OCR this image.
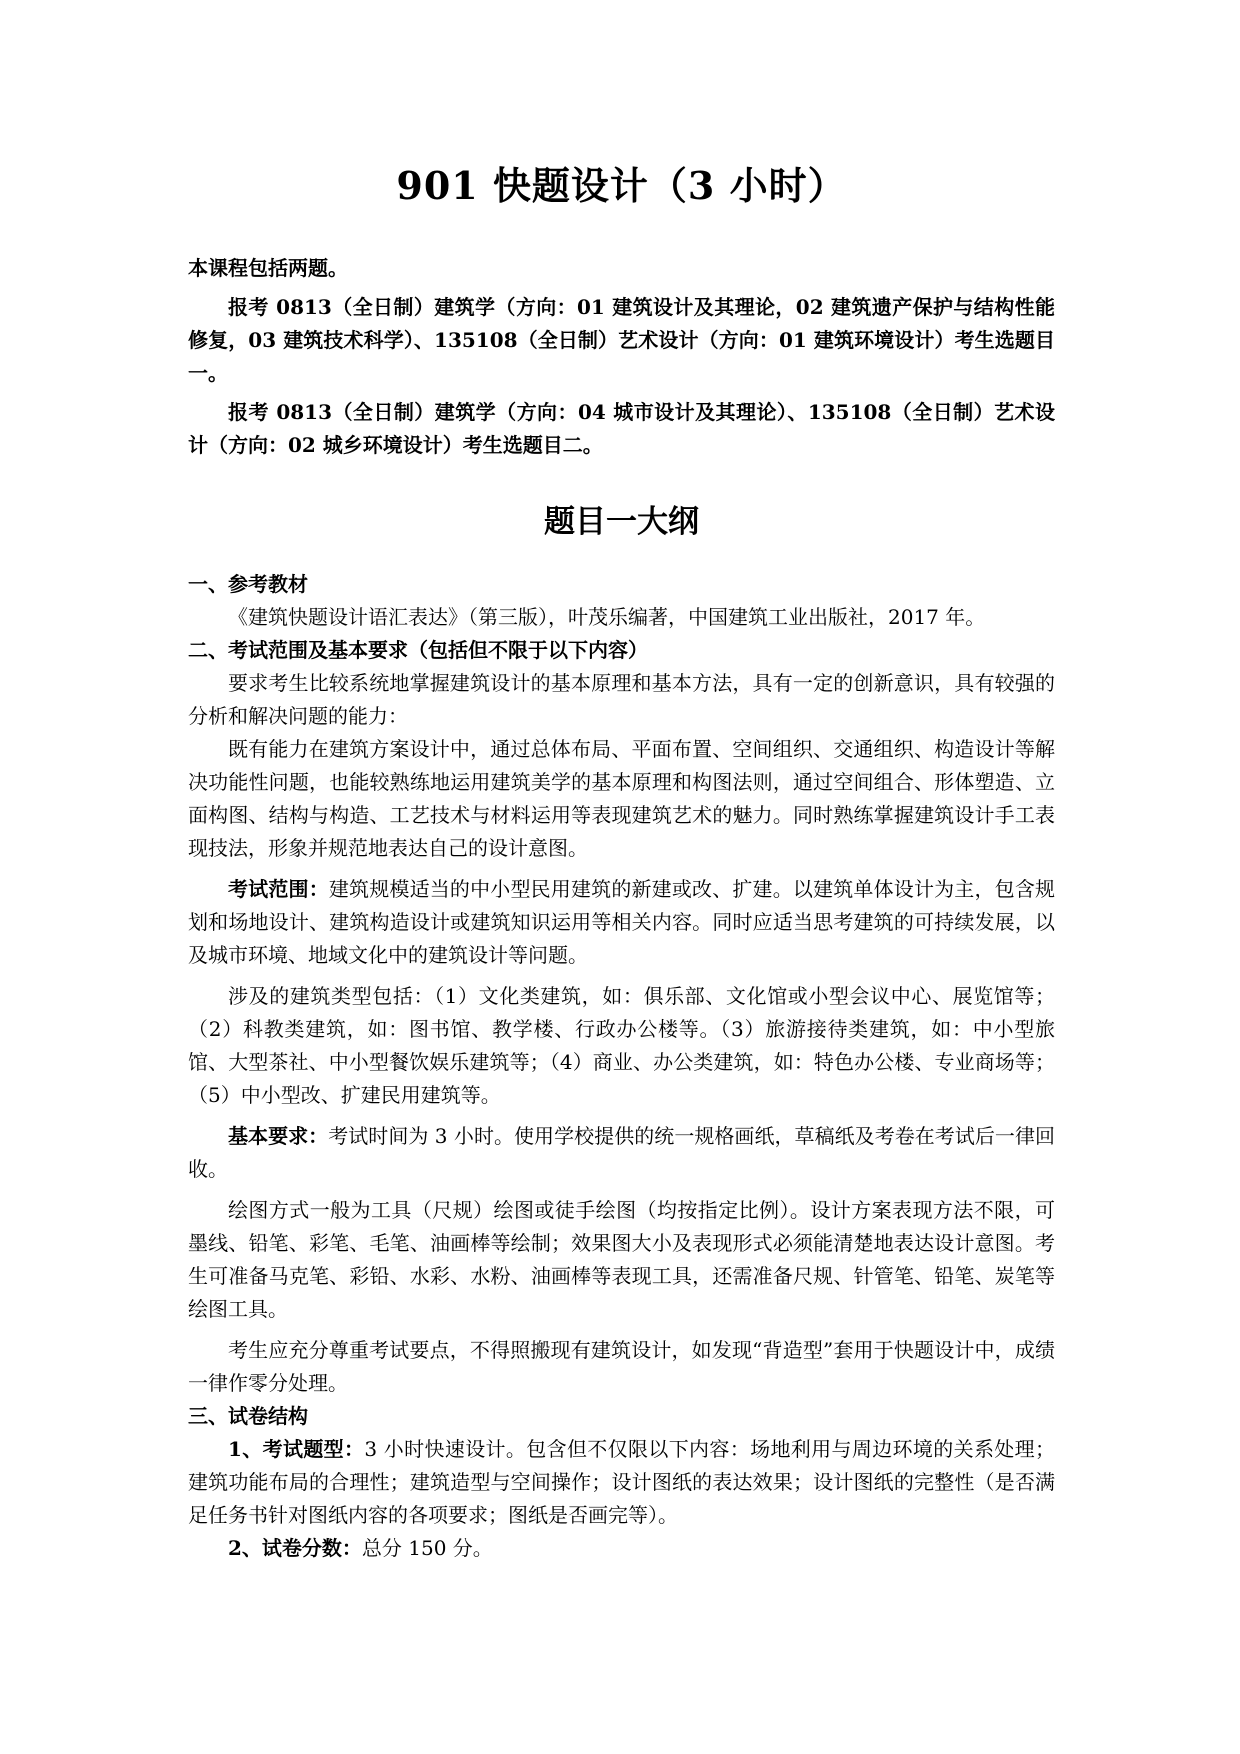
901 快题设计（3 小时）

本课程包括两题。

报考 0813（全日制）建筑学（方向：01 建筑设计及其理论，02 建筑遗产保护与结构性能修复，03 建筑技术科学）、135108（全日制）艺术设计（方向：01 建筑环境设计）考生选题目一。

报考 0813（全日制）建筑学（方向：04 城市设计及其理论）、135108（全日制）艺术设计（方向：02 城乡环境设计）考生选题目二。

题目一大纲

一、参考教材

《建筑快题设计语汇表达》（第三版），叶茂乐编著，中国建筑工业出版社，2017 年。

二、考试范围及基本要求（包括但不限于以下内容）

要求考生比较系统地掌握建筑设计的基本原理和基本方法，具有一定的创新意识，具有较强的分析和解决问题的能力：

既有能力在建筑方案设计中，通过总体布局、平面布置、空间组织、交通组织、构造设计等解决功能性问题，也能较熟练地运用建筑美学的基本原理和构图法则，通过空间组合、形体塑造、立面构图、结构与构造、工艺技术与材料运用等表现建筑艺术的魅力。同时熟练掌握建筑设计手工表现技法，形象并规范地表达自己的设计意图。

考试范围：建筑规模适当的中小型民用建筑的新建或改、扩建。以建筑单体设计为主，包含规划和场地设计、建筑构造设计或建筑知识运用等相关内容。同时应适当思考建筑的可持续发展，以及城市环境、地域文化中的建筑设计等问题。

涉及的建筑类型包括：（1）文化类建筑，如：俱乐部、文化馆或小型会议中心、展览馆等；（2）科教类建筑，如：图书馆、教学楼、行政办公楼等。（3）旅游接待类建筑，如：中小型旅馆、大型茶社、中小型餐饮娱乐建筑等；（4）商业、办公类建筑，如：特色办公楼、专业商场等；（5）中小型改、扩建民用建筑等。

基本要求：考试时间为 3 小时。使用学校提供的统一规格画纸，草稿纸及考卷在考试后一律回收。

绘图方式一般为工具（尺规）绘图或徒手绘图（均按指定比例）。设计方案表现方法不限，可墨线、铅笔、彩笔、毛笔、油画棒等绘制；效果图大小及表现形式必须能清楚地表达设计意图。考生可准备马克笔、彩铅、水彩、水粉、油画棒等表现工具，还需准备尺规、针管笔、铅笔、炭笔等绘图工具。

考生应充分尊重考试要点，不得照搬现有建筑设计，如发现“背造型”套用于快题设计中，成绩一律作零分处理。

三、试卷结构

1、考试题型：3 小时快速设计。包含但不仅限以下内容：场地利用与周边环境的关系处理；建筑功能布局的合理性；建筑造型与空间操作；设计图纸的表达效果；设计图纸的完整性（是否满足任务书针对图纸内容的各项要求；图纸是否画完等）。

2、试卷分数：总分 150 分。
